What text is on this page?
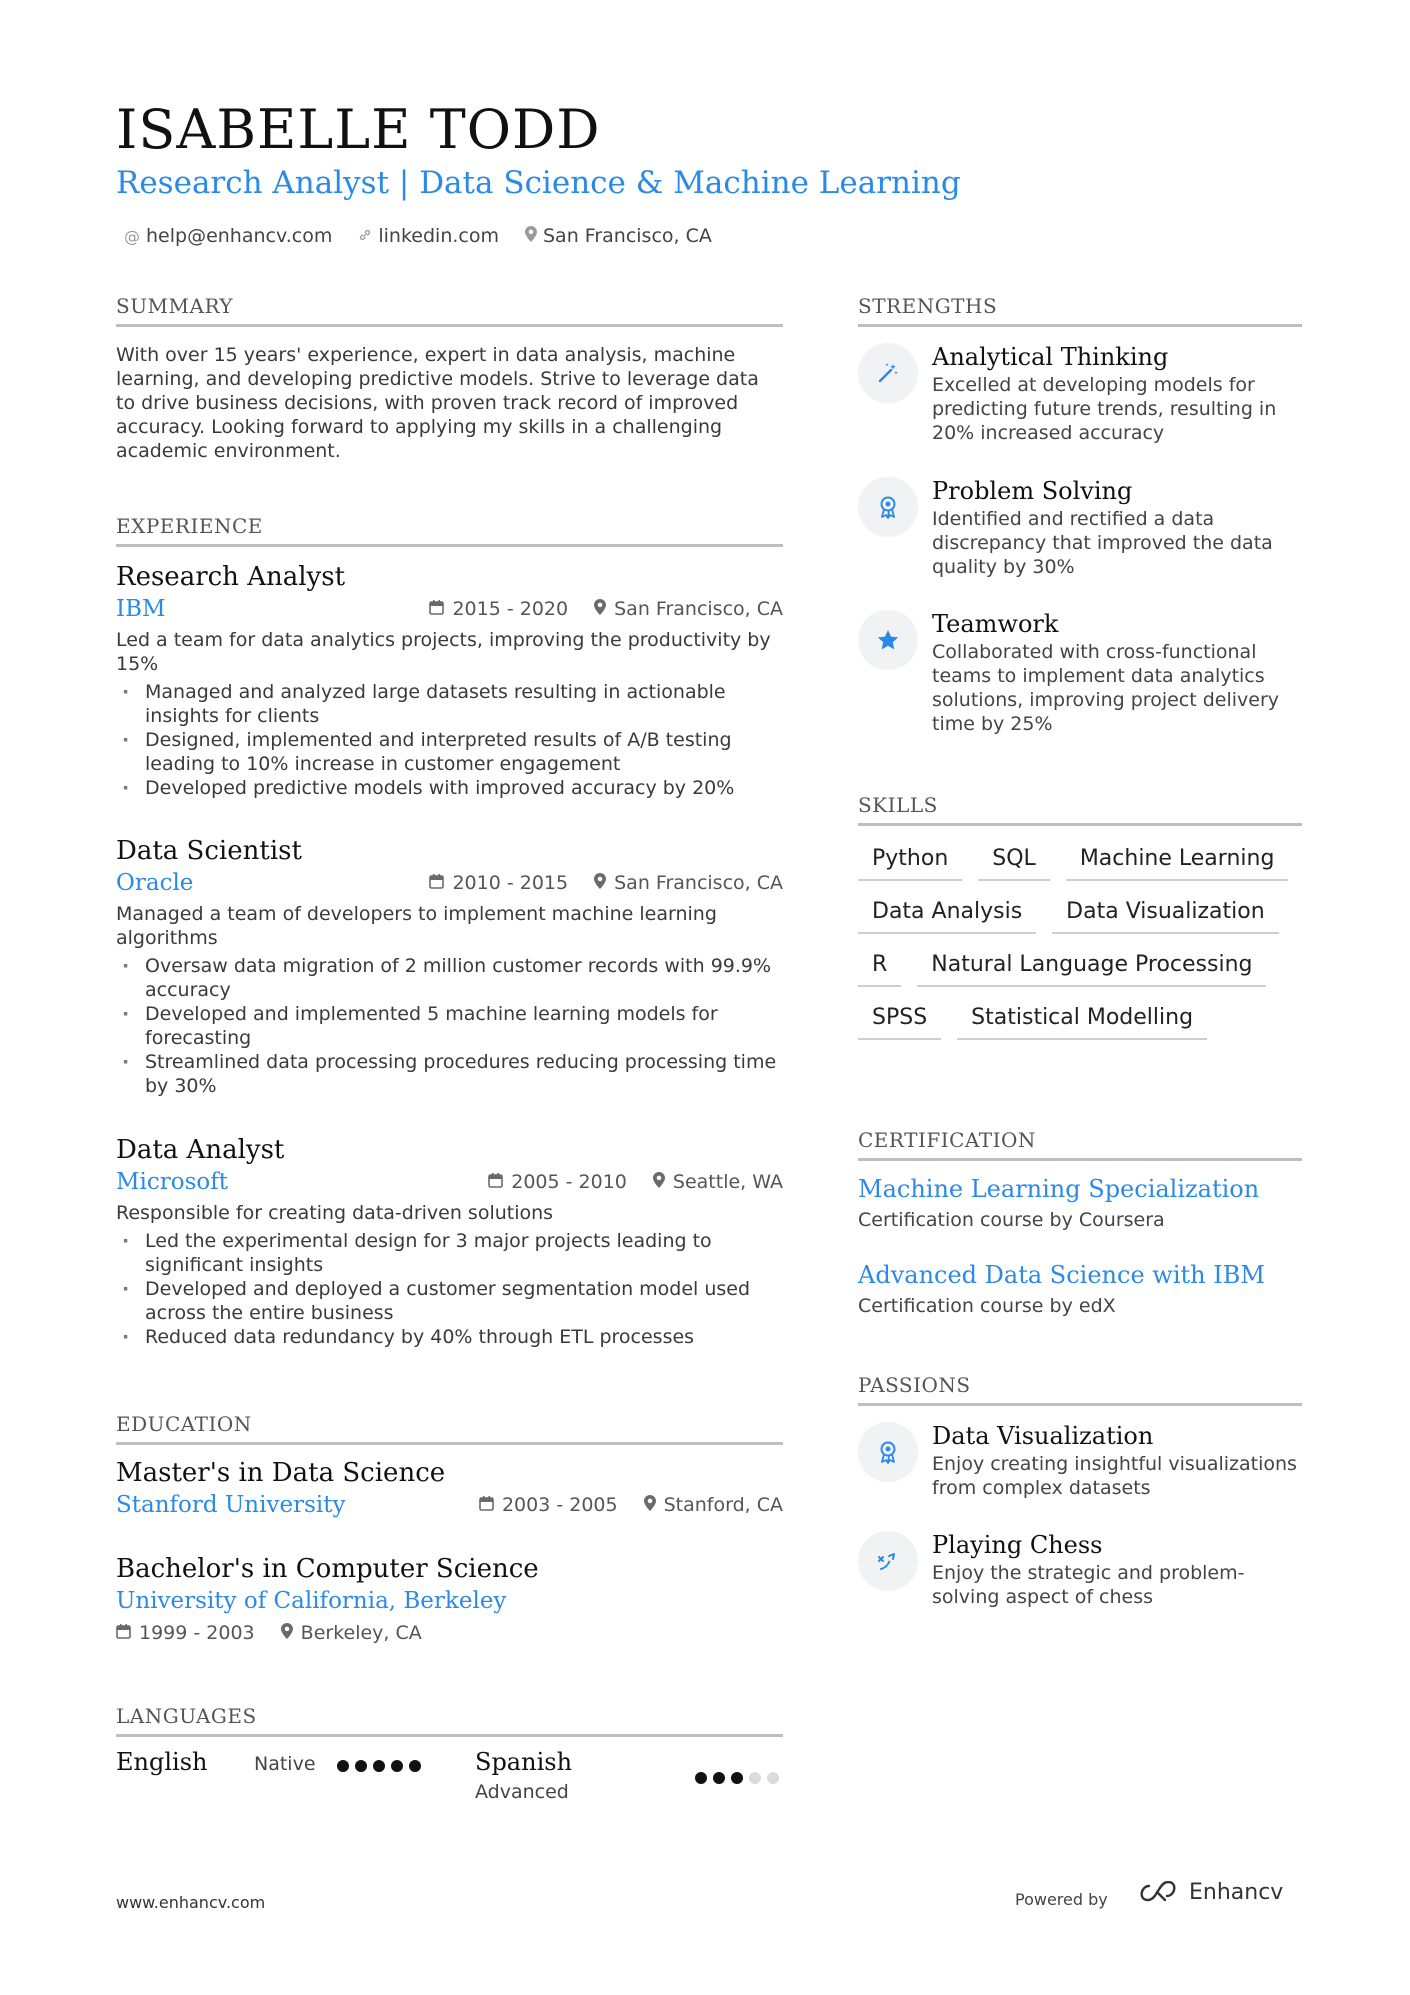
ISABELLE TODD
Research Analyst | Data Science & Machine Learning
@ help@enhancv.com linkedin.com San Francisco, CA
SUMMARY
With over 15 years' experience, expert in data analysis, machine learning, and developing predictive models. Strive to leverage data to drive business decisions, with proven track record of improved accuracy. Looking forward to applying my skills in a challenging academic environment.
EXPERIENCE
Research Analyst
IBM	2015 - 2020 San Francisco, CA
Led a team for data analytics projects, improving the productivity by 15%
· Managed and analyzed large datasets resulting in actionable insights for clients
· Designed, implemented and interpreted results of A/B testing leading to 10% increase in customer engagement
· Developed predictive models with improved accuracy by 20%
Data Scientist
Oracle	2010 - 2015 San Francisco, CA
Managed a team of developers to implement machine learning algorithms
· Oversaw data migration of 2 million customer records with 99.9% accuracy
· Developed and implemented 5 machine learning models for forecasting
· Streamlined data processing procedures reducing processing time by 30%
Data Analyst
Microsoft	2005 - 2010 Seattle, WA
Responsible for creating data-driven solutions
· Led the experimental design for 3 major projects leading to significant insights
· Developed and deployed a customer segmentation model used across the entire business
· Reduced data redundancy by 40% through ETL processes
EDUCATION
Master's in Data Science
Stanford University	2003 - 2005 Stanford, CA
Bachelor's in Computer Science
University of California, Berkeley
1999 - 2003 Berkeley, CA
LANGUAGES
English Native	Spanish
Advanced
STRENGTHS
Analytical Thinking
Excelled at developing models for predicting future trends, resulting in 20% increased accuracy
Problem Solving
Identified and rectified a data discrepancy that improved the data quality by 30%
Teamwork
Collaborated with cross-functional teams to implement data analytics solutions, improving project delivery time by 25%
SKILLS
Python	SQL	Machine Learning
Data Analysis	Data Visualization
R	Natural Language Processing
SPSS	Statistical Modelling
CERTIFICATION
Machine Learning Specialization
Certification course by Coursera
Advanced Data Science with IBM
Certification course by edX
PASSIONS
Data Visualization
Enjoy creating insightful visualizations from complex datasets
Playing Chess
Enjoy the strategic and problem-solving aspect of chess
www.enhancv.com	Powered by	Enhancv
